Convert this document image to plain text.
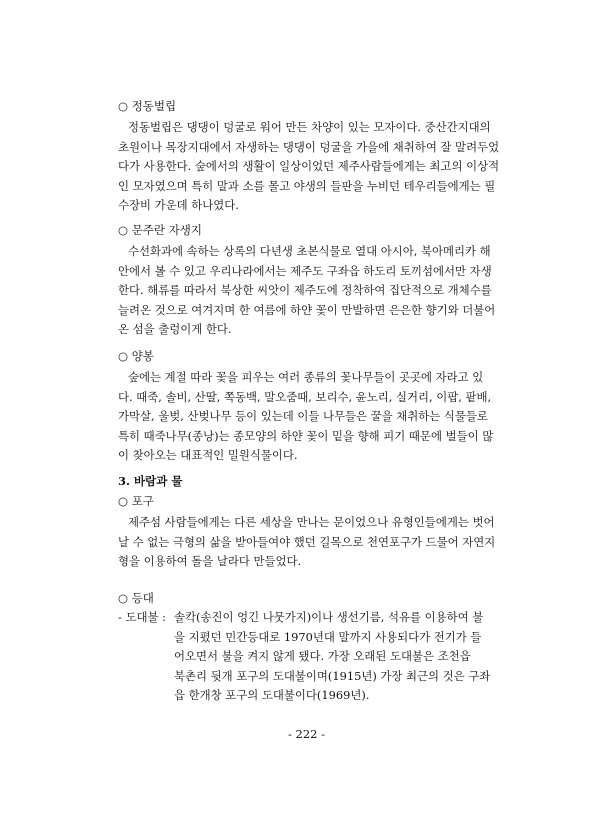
○ 정동벌립

정동벌립은 댕댕이 덩굴로 워어 만든 차양이 있는 모자이다. 중산간지대의

초원이나 목장지대에서 자생하는 댕댕이 덩굴을 가을에 채취하여 잘 말려두었

다가 사용한다. 숲에서의 생활이 일상이었던 제주사람들에게는 최고의 이상적

인 모자였으며 특히 말과 소를 몰고 야생의 들판을 누비던 테우리들에게는 필

수장비 가운데 하나였다.

○ 문주란 자생지

수선화과에 속하는 상록의 다년생 초본식물로 열대 아시아, 북아메리카 해

안에서 볼 수 있고 우리나라에서는 제주도 구좌읍 하도리 토끼섬에서만 자생

한다. 해류를 따라서 북상한 씨앗이 제주도에 정착하여 집단적으로 개체수를

늘려온 것으로 여겨지며 한 여름에 하얀 꽃이 만발하면 은은한 향기와 더불어

온 섬을 출렁이게 한다.

○ 양봉

숲에는 계절 따라 꽃을 피우는 여러 종류의 꽃나무들이 곳곳에 자라고 있

다. 때죽, 솔비, 산딸, 쪽동백, 말오줌때, 보리수, 윤노리, 실거리, 이팝, 팥배,

가막살, 울벚, 산벚나무 등이 있는데 이들 나무들은 꿀을 채취하는 식물들로

특히 때죽나무(종낭)는 종모양의 하얀 꽃이 밑을 향해 피기 때문에 벌들이 많

이 찾아오는 대표적인 밀원식물이다.

3. 바람과 물
○ 포구

제주섬 사람들에게는 다른 세상을 만나는 문이었으나 유형인들에게는 벗어

날 수 없는 극형의 삶을 받아들여야 했던 길목으로 천연포구가 드물어 자연지

형을 이용하여 돌을 날라다 만들었다.

○ 등대
- 도대불 : 솔칵(송진이 엉긴 나뭇가지)이나 생선기름, 석유를 이용하여 불

을 지폈던 민간등대로 1970년대 말까지 사용되다가 전기가 들

어오면서 불을 켜지 않게 됐다. 가장 오래된 도대불은 조천읍

북촌리 뒷개 포구의 도대불이며(1915년) 가장 최근의 것은 구좌

읍 한개창 포구의 도대불이다(1969년).

- 222 -
